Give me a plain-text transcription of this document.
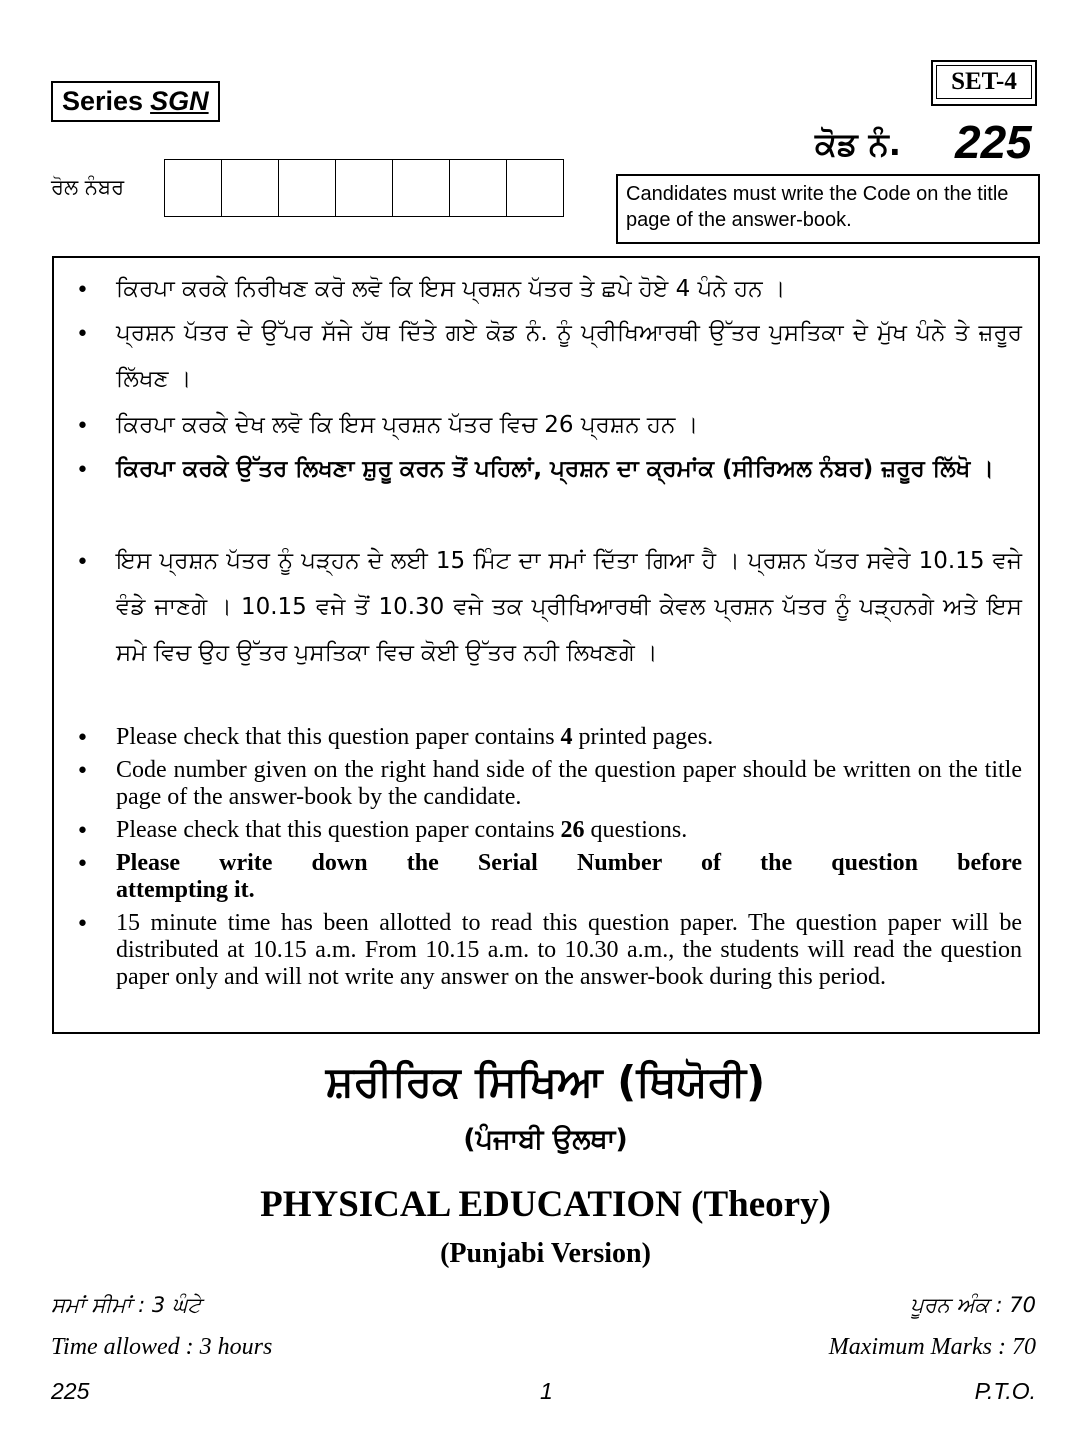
Series SGN
SET-4
ਕੋਡ ਨੰ. 225
ਰੋਲ ਨੰਬਰ	Candidates must write the Code on the title page of the answer-book.
• ਕਿਰਪਾ ਕਰਕੇ ਨਿਰੀਖਣ ਕਰੋ ਲਵੋ ਕਿ ਇਸ ਪ੍ਰਸ਼ਨ ਪੱਤਰ ਤੇ ਛਪੇ ਹੋਏ 4 ਪੰਨੇ ਹਨ ।
• ਪ੍ਰਸ਼ਨ ਪੱਤਰ ਦੇ ਉੱਪਰ ਸੱਜੇ ਹੱਥ ਦਿੱਤੇ ਗਏ ਕੋਡ ਨੰ. ਨੂੰ ਪ੍ਰੀਖਿਆਰਥੀ ਉੱਤਰ ਪੁਸਤਿਕਾ ਦੇ ਮੁੱਖ ਪੰਨੇ ਤੇ ਜ਼ਰੂਰ ਲਿੱਖਣ ।
• ਕਿਰਪਾ ਕਰਕੇ ਦੇਖ ਲਵੋ ਕਿ ਇਸ ਪ੍ਰਸ਼ਨ ਪੱਤਰ ਵਿਚ 26 ਪ੍ਰਸ਼ਨ ਹਨ ।
• ਕਿਰਪਾ ਕਰਕੇ ਉੱਤਰ ਲਿਖਣਾ ਸ਼ੁਰੂ ਕਰਨ ਤੋਂ ਪਹਿਲਾਂ, ਪ੍ਰਸ਼ਨ ਦਾ ਕ੍ਰਮਾਂਕ (ਸੀਰਿਅਲ ਨੰਬਰ) ਜ਼ਰੂਰ ਲਿੱਖੋ ।
• ਇਸ ਪ੍ਰਸ਼ਨ ਪੱਤਰ ਨੂੰ ਪੜ੍ਹਨ ਦੇ ਲਈ 15 ਮਿੰਟ ਦਾ ਸਮਾਂ ਦਿੱਤਾ ਗਿਆ ਹੈ । ਪ੍ਰਸ਼ਨ ਪੱਤਰ ਸਵੇਰੇ 10.15 ਵਜੇ ਵੰਡੇ ਜਾਣਗੇ । 10.15 ਵਜੇ ਤੋਂ 10.30 ਵਜੇ ਤਕ ਪ੍ਰੀਖਿਆਰਥੀ ਕੇਵਲ ਪ੍ਰਸ਼ਨ ਪੱਤਰ ਨੂੰ ਪੜ੍ਹਨਗੇ ਅਤੇ ਇਸ ਸਮੇ ਵਿਚ ਉਹ ਉੱਤਰ ਪੁਸਤਿਕਾ ਵਿਚ ਕੋਈ ਉੱਤਰ ਨਹੀ ਲਿਖਣਗੇ ।
• Please check that this question paper contains 4 printed pages.
• Code number given on the right hand side of the question paper should be written on the title page of the answer-book by the candidate.
• Please check that this question paper contains 26 questions.
• Please write down the Serial Number of the question before
attempting it.
• 15 minute time has been allotted to read this question paper. The question paper will be distributed at 10.15 a.m. From 10.15 a.m. to 10.30 a.m., the students will read the question paper only and will not write any answer on the answer-book during this period.
ਸ਼ਰੀਰਿਕ ਸਿਖਿਆ (ਥਿਯੋਰੀ)
(ਪੰਜਾਬੀ ਉਲਥਾ)
PHYSICAL EDUCATION (Theory)
(Punjabi Version)
ਸਮਾਂ ਸੀਮਾਂ : 3 ਘੰਟੇ	ਪੂਰਨ ਅੰਕ : 70
Time allowed : 3 hours	Maximum Marks : 70
225	1	P.T.O.
